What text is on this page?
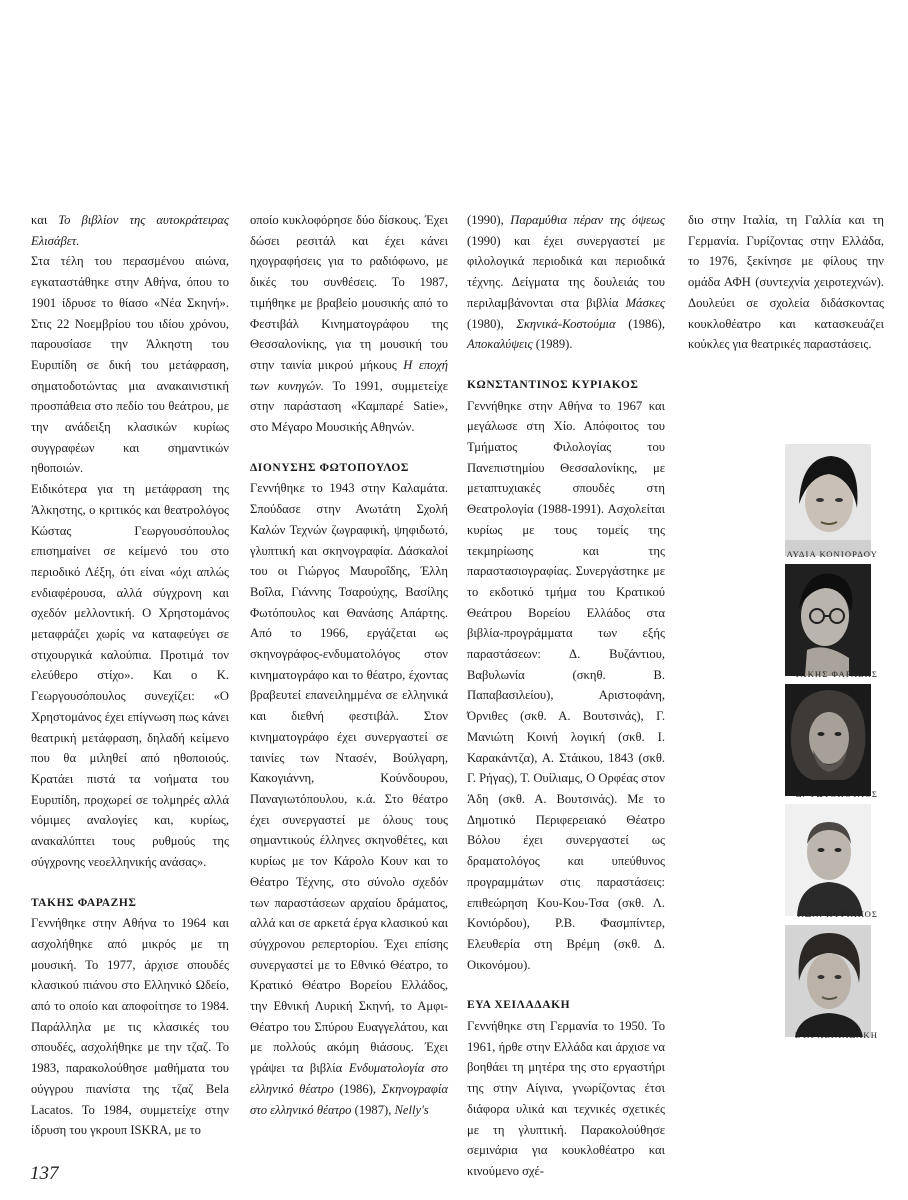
και Το βιβλίον της αυτοκράτειρας Ελισάβετ.

Στα τέλη του περασμένου αιώνα, εγκαταστάθηκε στην Αθήνα, όπου το 1901 ίδρυσε το θίασο «Νέα Σκηνή». Στις 22 Νοεμβρίου του ιδίου χρόνου, παρουσίασε την Άλκηστη του Ευριπίδη σε δική του μετάφραση, σηματοδοτώντας μια ανακαινιστική προσπάθεια στο πεδίο του θεάτρου, με την ανάδειξη κλασικών κυρίως συγγραφέων και σημαντικών ηθοποιών.

Ειδικότερα για τη μετάφραση της Άλκηστης, ο κριτικός και θεατρολόγος Κώστας Γεωργουσόπουλος επισημαίνει σε κείμενό του στο περιοδικό Λέξη, ότι είναι «όχι απλώς ενδιαφέρουσα, αλλά σύγχρονη και σχεδόν μελλοντική. Ο Χρηστομάνος μεταφράζει χωρίς να καταφεύγει σε στιχουργικά καλούπια. Προτιμά τον ελεύθερο στίχο». Και ο Κ. Γεωργουσόπουλος συνεχίζει: «Ο Χρηστομάνος έχει επίγνωση πως κάνει θεατρική μετάφραση, δηλαδή κείμενο που θα μιληθεί από ηθοποιούς. Κρατάει πιστά τα νοήματα του Ευριπίδη, προχωρεί σε τολμηρές αλλά νόμιμες αναλογίες και, κυρίως, ανακαλύπτει τους ρυθμούς της σύγχρονης νεοελληνικής ανάσας».

ΤΑΚΗΣ ΦΑΡΑΖΗΣ

Γεννήθηκε στην Αθήνα το 1964 και ασχολήθηκε από μικρός με τη μουσική. Το 1977, άρχισε σπουδές κλασικού πιάνου στο Ελληνικό Ωδείο, από το οποίο και αποφοίτησε το 1984. Παράλληλα με τις κλασικές του σπουδές, ασχολήθηκε με την τζαζ. Το 1983, παρακολούθησε μαθήματα του ούγγρου πιανίστα της τζαζ Bela Lacatos. Το 1984, συμμετείχε στην ίδρυση του γκρουπ ISKRA, με το

οποίο κυκλοφόρησε δύο δίσκους. Έχει δώσει ρεσιτάλ και έχει κάνει ηχογραφήσεις για το ραδιόφωνο, με δικές του συνθέσεις. Το 1987, τιμήθηκε με βραβείο μουσικής από το Φεστιβάλ Κινηματογράφου της Θεσσαλονίκης, για τη μουσική του στην ταινία μικρού μήκους Η εποχή των κυνηγών. Το 1991, συμμετείχε στην παράσταση «Καμπαρέ Satie», στο Μέγαρο Μουσικής Αθηνών.

ΔΙΟΝΥΣΗΣ ΦΩΤΟΠΟΥΛΟΣ

Γεννήθηκε το 1943 στην Καλαμάτα. Σπούδασε στην Ανωτάτη Σχολή Καλών Τεχνών ζωγραφική, ψηφιδωτό, γλυπτική και σκηνογραφία. Δάσκαλοί του οι Γιώργος Μαυροΐδης, Έλλη Βοΐλα, Γιάννης Τσαρούχης, Βασίλης Φωτόπουλος και Θανάσης Απάρτης. Από το 1966, εργάζεται ως σκηνογράφος-ενδυματολόγος στον κινηματογράφο και το θέατρο, έχοντας βραβευτεί επανειλημμένα σε ελληνικά και διεθνή φεστιβάλ. Στον κινηματογράφο έχει συνεργαστεί σε ταινίες των Ντασέν, Βούλγαρη, Κακογιάννη, Κούνδουρου, Παναγιωτόπουλου, κ.ά. Στο θέατρο έχει συνεργαστεί με όλους τους σημαντικούς έλληνες σκηνοθέτες, και κυρίως με τον Κάρολο Κουν και το Θέατρο Τέχνης, στο σύνολο σχεδόν των παραστάσεων αρχαίου δράματος, αλλά και σε αρκετά έργα κλασικού και σύγχρονου ρεπερτορίου. Έχει επίσης συνεργαστεί με το Εθνικό Θέατρο, το Κρατικό Θέατρο Βορείου Ελλάδος, την Εθνική Λυρική Σκηνή, το Αμφι-Θέατρο του Σπύρου Ευαγγελάτου, και με πολλούς ακόμη θιάσους. Έχει γράψει τα βιβλία Ενδυματολογία στο ελληνικό θέατρο (1986), Σκηνογραφία στο ελληνικό θέατρο (1987), Nelly's

(1990), Παραμύθια πέραν της όψεως (1990) και έχει συνεργαστεί με φιλολογικά περιοδικά και περιοδικά τέχνης. Δείγματα της δουλειάς του περιλαμβάνονται στα βιβλία Μάσκες (1980), Σκηνικά-Κοστούμια (1986), Αποκαλύψεις (1989).

ΚΩΝΣΤΑΝΤΙΝΟΣ ΚΥΡΙΑΚΟΣ

Γεννήθηκε στην Αθήνα το 1967 και μεγάλωσε στη Χίο. Απόφοιτος του Τμήματος Φιλολογίας του Πανεπιστημίου Θεσσαλονίκης, με μεταπτυχιακές σπουδές στη Θεατρολογία (1988-1991). Ασχολείται κυρίως με τους τομείς της τεκμηρίωσης και της παραστασιογραφίας. Συνεργάστηκε με το εκδοτικό τμήμα του Κρατικού Θεάτρου Βορείου Ελλάδος στα βιβλία-προγράμματα των εξής παραστάσεων: Δ. Βυζάντιου, Βαβυλωνία (σκηθ. Β. Παπαβασιλείου), Αριστοφάνη, Όρνιθες (σκθ. Α. Βουτσινάς), Γ. Μανιώτη Κοινή λογική (σκθ. Ι. Καρακάντζα), Α. Στάικου, 1843 (σκθ. Γ. Ρήγας), Τ. Ουίλιαμς, Ο Ορφέας στον Άδη (σκθ. Α. Βουτσινάς). Με το Δημοτικό Περιφερειακό Θέατρο Βόλου έχει συνεργαστεί ως δραματολόγος και υπεύθυνος προγραμμάτων στις παραστάσεις: επιθεώρηση Κου-Κου-Τσα (σκθ. Λ. Κονιόρδου), Ρ.Β. Φασμπίντερ, Ελευθερία στη Βρέμη (σκθ. Δ. Οικονόμου).

ΕΥΑ ΧΕΙΛΑΔΑΚΗ

Γεννήθηκε στη Γερμανία το 1950. Το 1961, ήρθε στην Ελλάδα και άρχισε να βοηθάει τη μητέρα της στο εργαστήρι της στην Αίγινα, γνωρίζοντας έτσι διάφορα υλικά και τεχνικές σχετικές με τη γλυπτική. Παρακολούθησε σεμινάρια για κουκλοθέατρο και κινούμενο σχέ-

διο στην Ιταλία, τη Γαλλία και τη Γερμανία. Γυρίζοντας στην Ελλάδα, το 1976, ξεκίνησε με φίλους την ομάδα ΑΦΗ (συντεχνία χειροτεχνών). Δουλεύει σε σχολεία διδάσκοντας κουκλοθέατρο και κατασκευάζει κούκλες για θεατρικές παραστάσεις.

ΛΥΔΙΑ ΚΟΝΙΟΡΔΟΥ
ΤΑΚΗΣ ΦΑΡΑΖΗΣ
Δ. ΦΩΤΟΠΟΥΛΟΣ
ΚΩΝ. ΚΥΡΙΑΚΟΣ
ΕΥΑ ΧΕΙΛΑΔΑΚΗ
137
